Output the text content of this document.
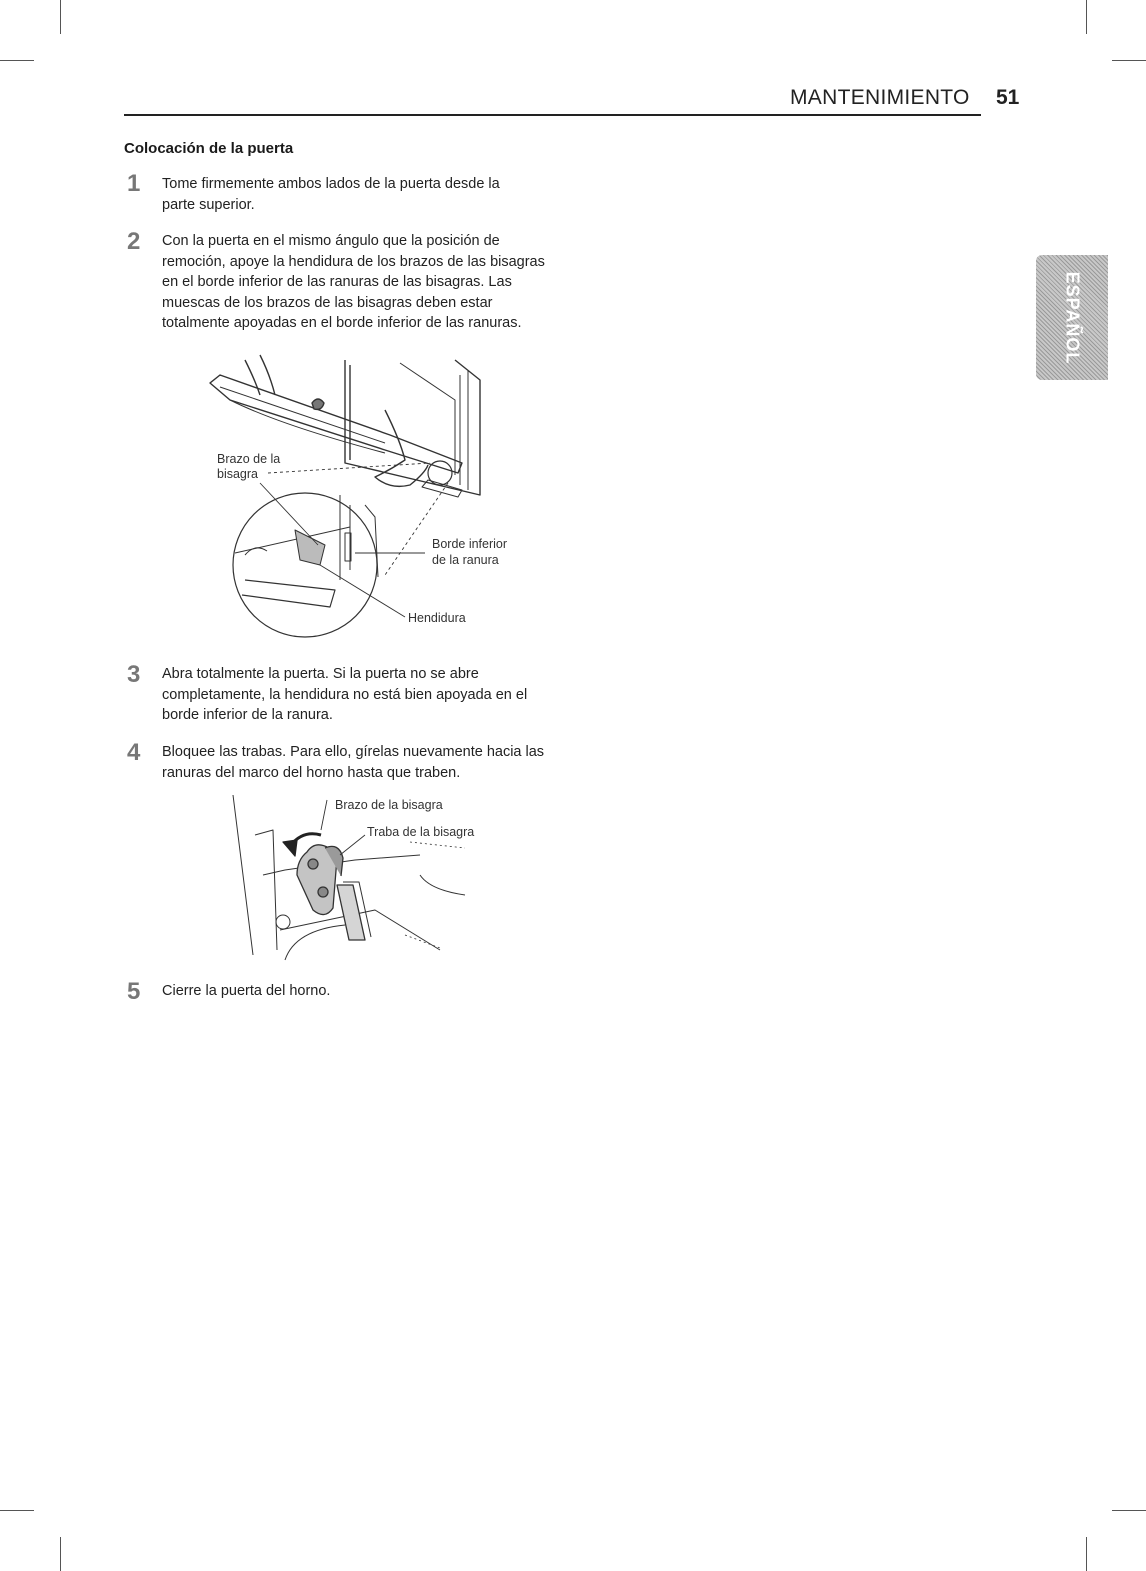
MANTENIMIENTO 51
ESPAÑOL
Colocación de la puerta
1 Tome firmemente ambos lados de la puerta desde la parte superior.
2 Con la puerta en el mismo ángulo que la posición de remoción, apoye la hendidura de los brazos de las bisagras en el borde inferior de las ranuras de las bisagras. Las muescas de los brazos de las bisagras deben estar totalmente apoyadas en el borde inferior de las ranuras.
Brazo de la
bisagra
Borde inferior
de la ranura
Hendidura
3 Abra totalmente la puerta. Si la puerta no se abre completamente, la hendidura no está bien apoyada en el borde inferior de la ranura.
4 Bloquee las trabas. Para ello, gírelas nuevamente hacia las ranuras del marco del horno hasta que traben.
Brazo de la bisagra
Traba de la bisagra
5 Cierre la puerta del horno.
